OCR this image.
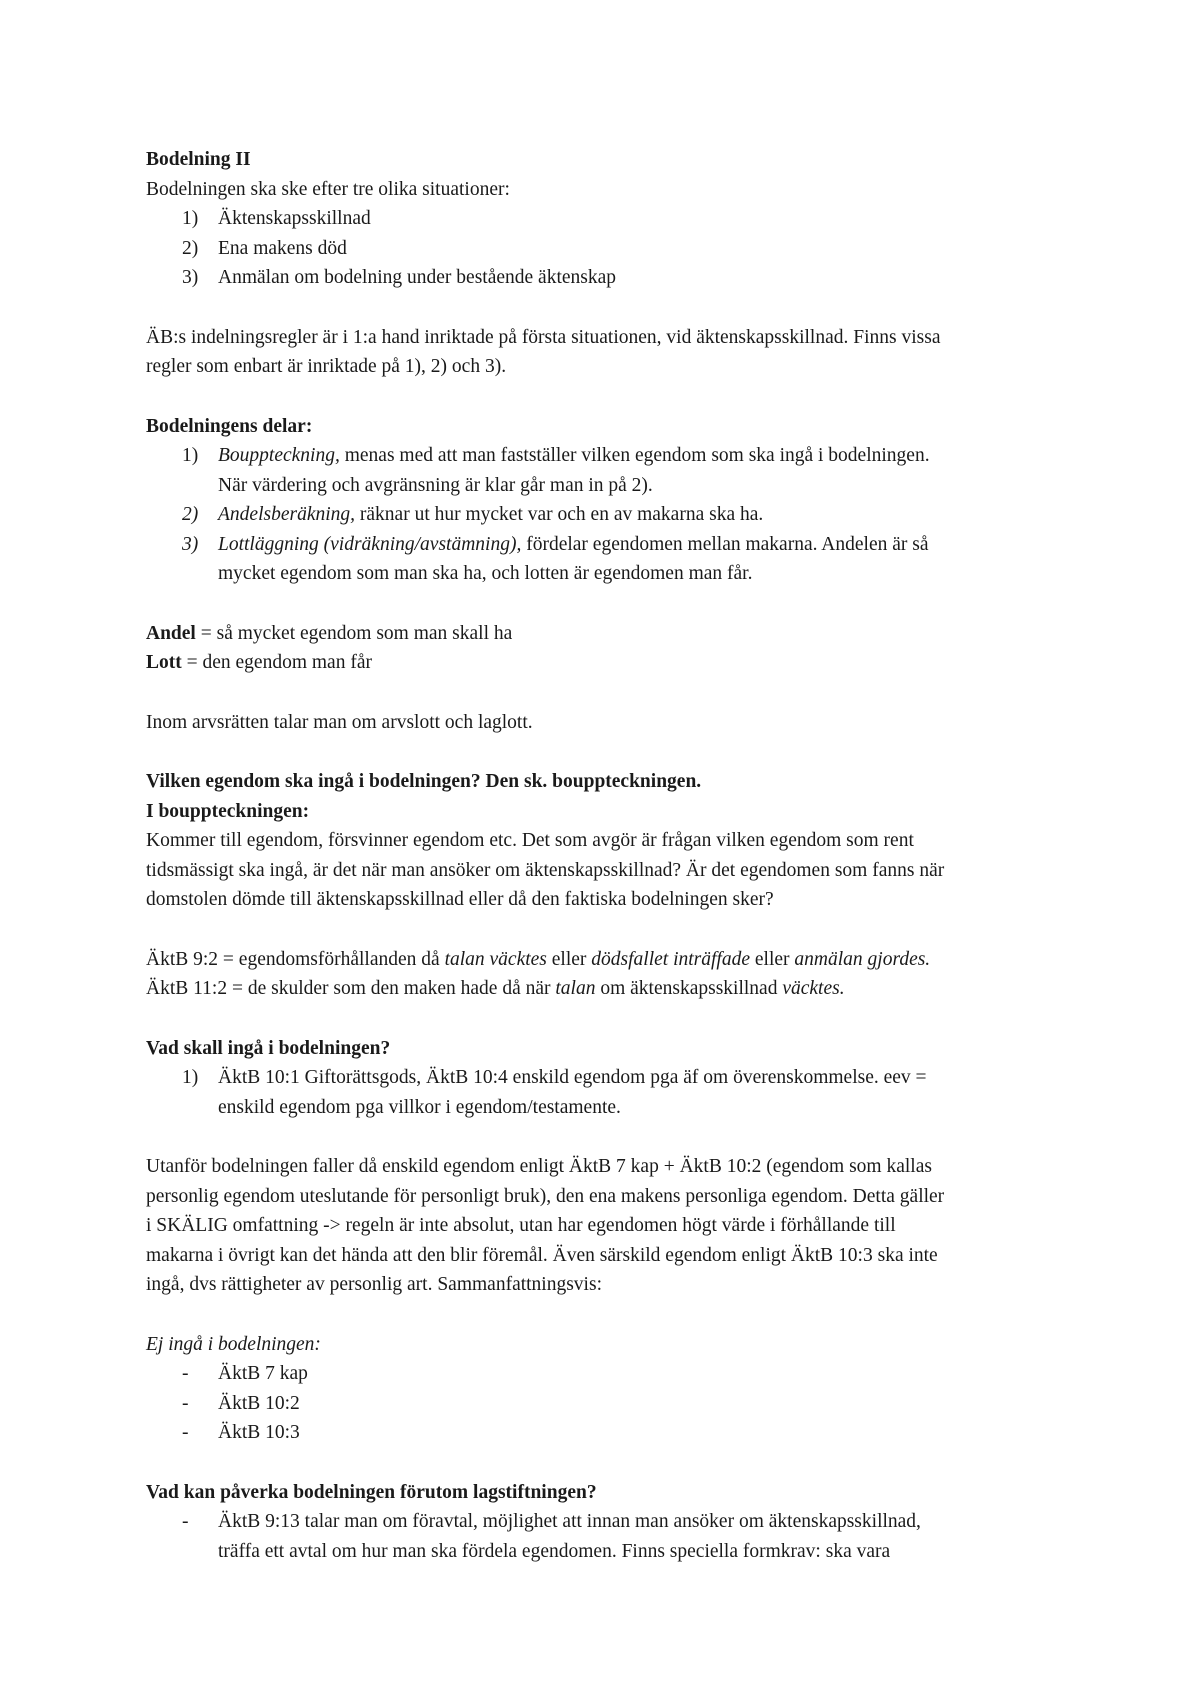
Bodelning II

Bodelningen ska ske efter tre olika situationer:

1) Äktenskapsskillnad
2) Ena makens död
3) Anmälan om bodelning under bestående äktenskap

ÄB:s indelningsregler är i 1:a hand inriktade på första situationen, vid äktenskapsskillnad. Finns vissa

regler som enbart är inriktade på 1), 2) och 3).

Bodelningens delar:

1) Bouppteckning, menas med att man fastställer vilken egendom som ska ingå i bodelningen.
När värdering och avgränsning är klar går man in på 2).
2) Andelsberäkning, räknar ut hur mycket var och en av makarna ska ha.
3) Lottläggning (vidräkning/avstämning), fördelar egendomen mellan makarna. Andelen är så
mycket egendom som man ska ha, och lotten är egendomen man får.

Andel = så mycket egendom som man skall ha

Lott = den egendom man får

Inom arvsrätten talar man om arvslott och laglott.

Vilken egendom ska ingå i bodelningen? Den sk. bouppteckningen.

I bouppteckningen:

Kommer till egendom, försvinner egendom etc. Det som avgör är frågan vilken egendom som rent

tidsmässigt ska ingå, är det när man ansöker om äktenskapsskillnad? Är det egendomen som fanns när

domstolen dömde till äktenskapsskillnad eller då den faktiska bodelningen sker?

ÄktB 9:2 = egendomsförhållanden då talan väcktes eller dödsfallet inträffade eller anmälan gjordes.

ÄktB 11:2 = de skulder som den maken hade då när talan om äktenskapsskillnad väcktes.

Vad skall ingå i bodelningen?

1) ÄktB 10:1 Giftorättsgods, ÄktB 10:4 enskild egendom pga äf om överenskommelse. eev =
enskild egendom pga villkor i egendom/testamente.

Utanför bodelningen faller då enskild egendom enligt ÄktB 7 kap + ÄktB 10:2 (egendom som kallas

personlig egendom uteslutande för personligt bruk), den ena makens personliga egendom. Detta gäller

i SKÄLIG omfattning -> regeln är inte absolut, utan har egendomen högt värde i förhållande till

makarna i övrigt kan det hända att den blir föremål. Även särskild egendom enligt ÄktB 10:3 ska inte

ingå, dvs rättigheter av personlig art. Sammanfattningsvis:

Ej ingå i bodelningen:

- ÄktB 7 kap
- ÄktB 10:2
- ÄktB 10:3

Vad kan påverka bodelningen förutom lagstiftningen?

- ÄktB 9:13 talar man om föravtal, möjlighet att innan man ansöker om äktenskapsskillnad,
träffa ett avtal om hur man ska fördela egendomen. Finns speciella formkrav: ska vara
